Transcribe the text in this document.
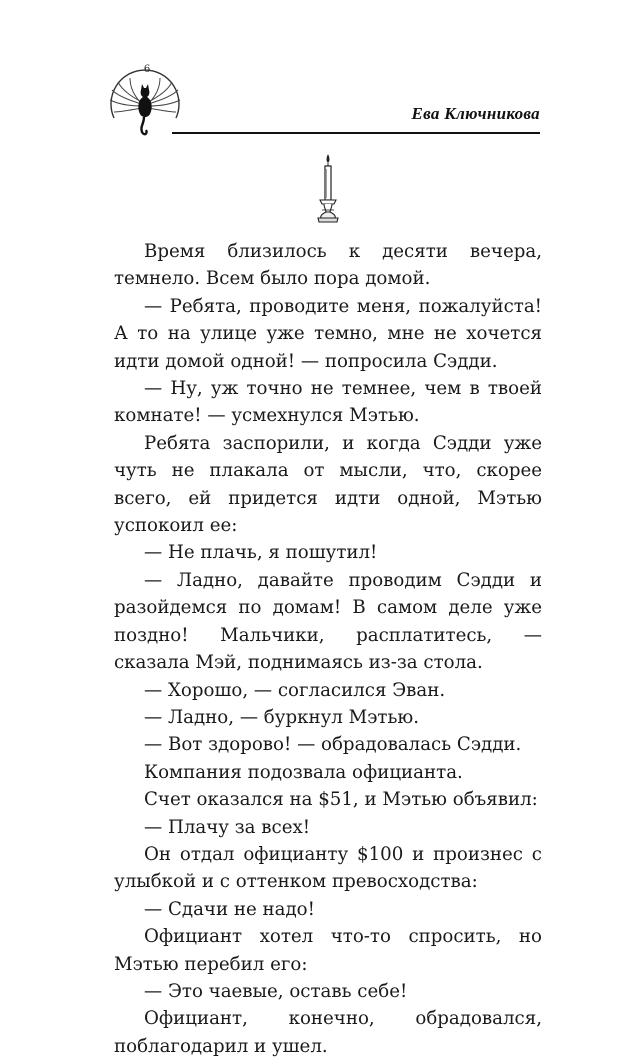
6
Ева Ключникова

Время близилось к десяти вечера, темнело. Всем было пора домой.

— Ребята, проводите меня, пожалуйста! А то на улице уже темно, мне не хочется идти домой одной! — попросила Сэдди.

— Ну, уж точно не темнее, чем в твоей комнате! — усмехнулся Мэтью.

Ребята заспорили, и когда Сэдди уже чуть не плакала от мысли, что, скорее всего, ей придется идти одной, Мэтью успокоил ее:

— Не плачь, я пошутил!

— Ладно, давайте проводим Сэдди и разойдемся по домам! В самом деле уже поздно! Мальчики, расплатитесь, — сказала Мэй, поднимаясь из-за стола.

— Хорошо, — согласился Эван.

— Ладно, — буркнул Мэтью.

— Вот здорово! — обрадовалась Сэдди.

Компания подозвала официанта.

Счет оказался на $51, и Мэтью объявил:

— Плачу за всех!

Он отдал официанту $100 и произнес с улыбкой и с оттенком превосходства:

— Сдачи не надо!

Официант хотел что-то спросить, но Мэтью перебил его:

— Это чаевые, оставь себе!

Официант, конечно, обрадовался, поблагодарил и ушел.
